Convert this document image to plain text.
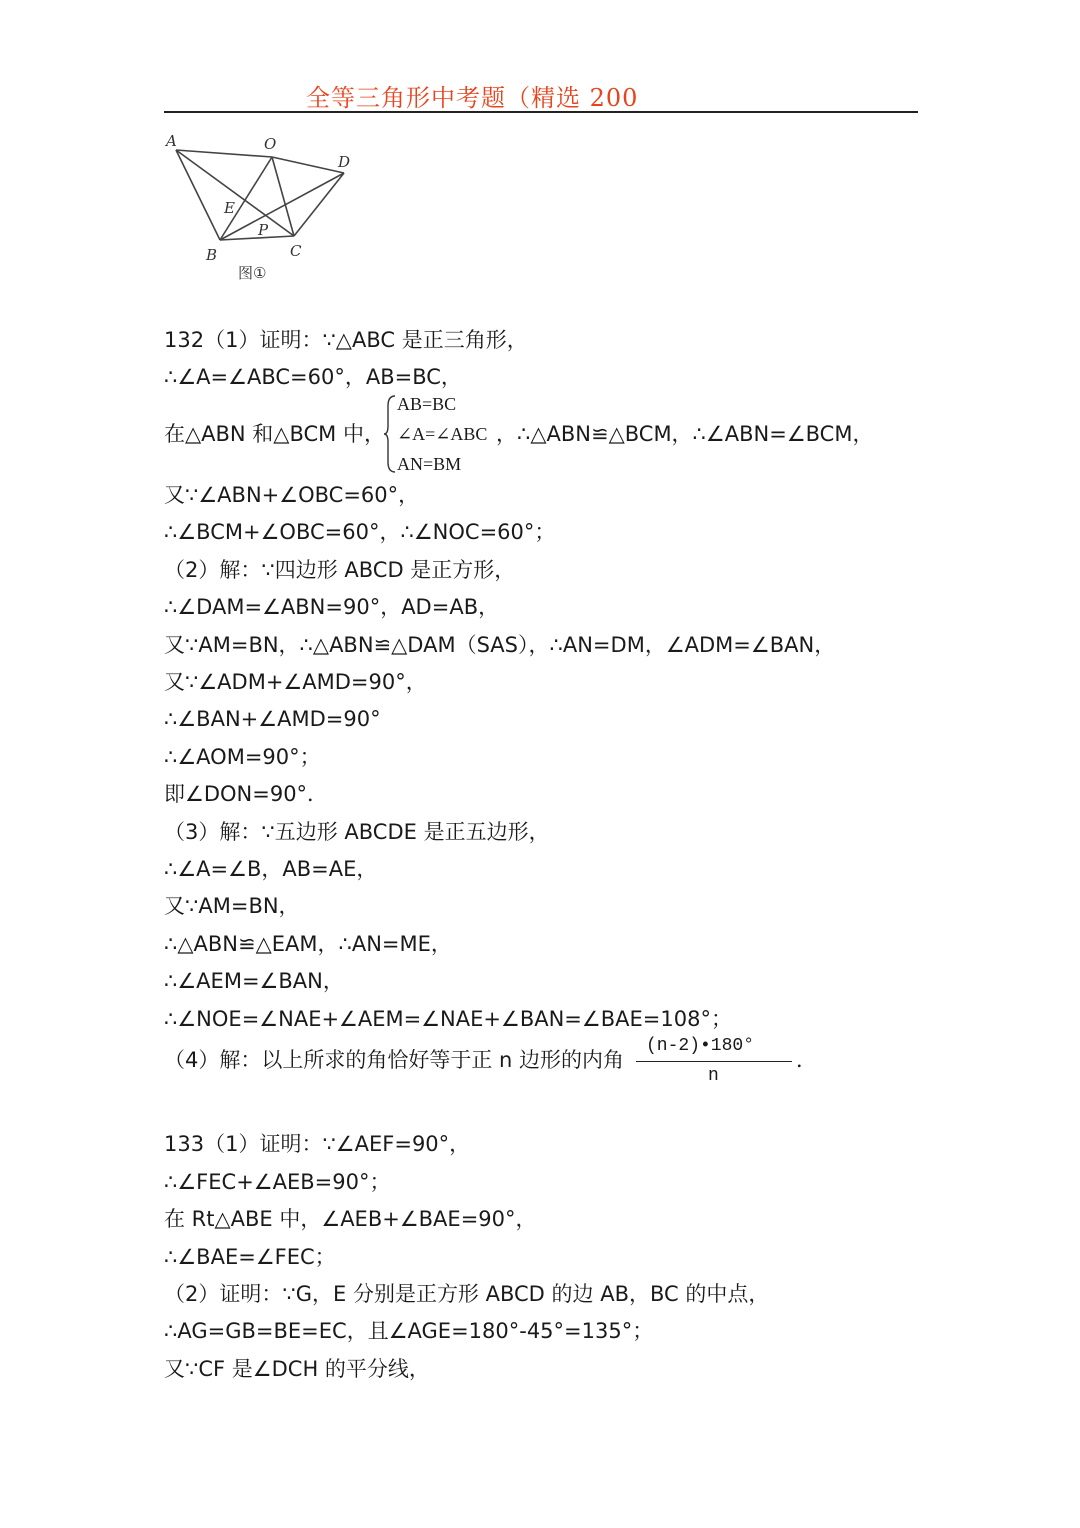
全等三角形中考题（精选 200
A	O
D
E
P
B	C
图①
132（1）证明：∵△ABC 是正三角形，
∴∠A=∠ABC=60°，AB=BC，
在△ABN 和△BCM 中，
AB=BC
∠A=∠ABC
AN=BM
，∴△ABN≌△BCM，∴∠ABN=∠BCM，
又∵∠ABN+∠OBC=60°，
∴∠BCM+∠OBC=60°，∴∠NOC=60°；
（2）解：∵四边形 ABCD 是正方形，
∴∠DAM=∠ABN=90°，AD=AB，
又∵AM=BN，∴△ABN≌△DAM（SAS），∴AN=DM，∠ADM=∠BAN，
又∵∠ADM+∠AMD=90°，
∴∠BAN+∠AMD=90°
∴∠AOM=90°；
即∠DON=90°．
（3）解：∵五边形 ABCDE 是正五边形，
∴∠A=∠B，AB=AE，
又∵AM=BN，
∴△ABN≌△EAM，∴AN=ME，
∴∠AEM=∠BAN，
∴∠NOE=∠NAE+∠AEM=∠NAE+∠BAN=∠BAE=108°；
（4）解：以上所求的角恰好等于正 n 边形的内角
(n-2)•180°
n
．
133（1）证明：∵∠AEF=90°，
∴∠FEC+∠AEB=90°；
在 Rt△ABE 中，∠AEB+∠BAE=90°，
∴∠BAE=∠FEC；
（2）证明：∵G，E 分别是正方形 ABCD 的边 AB，BC 的中点，
∴AG=GB=BE=EC，且∠AGE=180°-45°=135°；
又∵CF 是∠DCH 的平分线，
